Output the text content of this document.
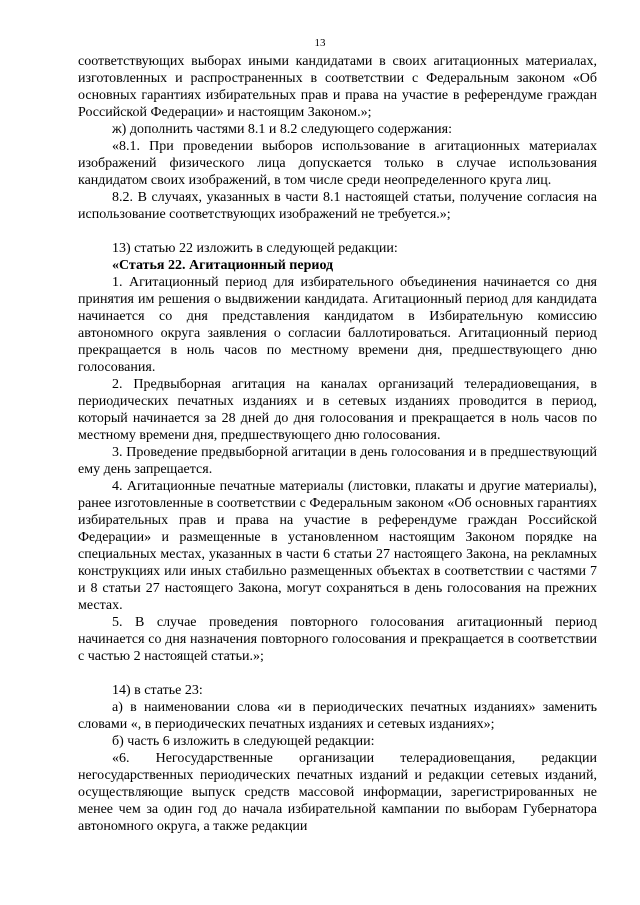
13

соответствующих выборах иными кандидатами в своих агитационных материалах, изготовленных и распространенных в соответствии с Федеральным законом «Об основных гарантиях избирательных прав и права на участие в референдуме граждан Российской Федерации» и настоящим Законом.»;

ж) дополнить частями 8.1 и 8.2 следующего содержания:

«8.1. При проведении выборов использование в агитационных материалах изображений физического лица допускается только в случае использования кандидатом своих изображений, в том числе среди неопределенного круга лиц.

8.2. В случаях, указанных в части 8.1 настоящей статьи, получение согласия на использование соответствующих изображений не требуется.»;

13) статью 22 изложить в следующей редакции:

«Статья 22. Агитационный период

1. Агитационный период для избирательного объединения начинается со дня принятия им решения о выдвижении кандидата. Агитационный период для кандидата начинается со дня представления кандидатом в Избирательную комиссию автономного округа заявления о согласии баллотироваться. Агитационный период прекращается в ноль часов по местному времени дня, предшествующего дню голосования.

2. Предвыборная агитация на каналах организаций телерадиовещания, в периодических печатных изданиях и в сетевых изданиях проводится в период, который начинается за 28 дней до дня голосования и прекращается в ноль часов по местному времени дня, предшествующего дню голосования.

3. Проведение предвыборной агитации в день голосования и в предшествующий ему день запрещается.

4. Агитационные печатные материалы (листовки, плакаты и другие материалы), ранее изготовленные в соответствии с Федеральным законом «Об основных гарантиях избирательных прав и права на участие в референдуме граждан Российской Федерации» и размещенные в установленном настоящим Законом порядке на специальных местах, указанных в части 6 статьи 27 настоящего Закона, на рекламных конструкциях или иных стабильно размещенных объектах в соответствии с частями 7 и 8 статьи 27 настоящего Закона, могут сохраняться в день голосования на прежних местах.

5. В случае проведения повторного голосования агитационный период начинается со дня назначения повторного голосования и прекращается в соответствии с частью 2 настоящей статьи.»;

14) в статье 23:

а) в наименовании слова «и в периодических печатных изданиях» заменить словами «, в периодических печатных изданиях и сетевых изданиях»;

б) часть 6 изложить в следующей редакции:

«6. Негосударственные организации телерадиовещания, редакции негосударственных периодических печатных изданий и редакции сетевых изданий, осуществляющие выпуск средств массовой информации, зарегистрированных не менее чем за один год до начала избирательной кампании по выборам Губернатора автономного округа, а также редакции
